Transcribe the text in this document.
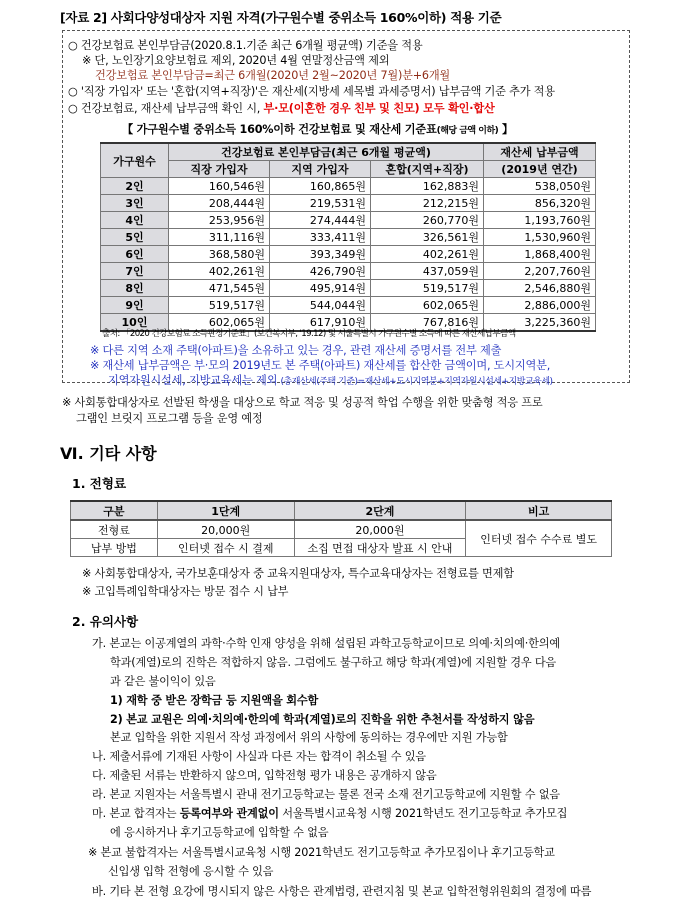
[자료 2] 사회다양성대상자 지원 자격(가구원수별 중위소득 160%이하) 적용 기준
○ 건강보험료 본인부담금(2020.8.1.기준 최근 6개월 평균액) 기준을 적용
※ 단, 노인장기요양보험료 제외, 2020년 4월 연말정산금액 제외
건강보험료 본인부담금=최근 6개월(2020년 2월~2020년 7월)분+6개월
○ '직장 가입자' 또는 '혼합(지역+직장)'은 재산세(지방세 세목별 과세증명서) 납부금액 기준 추가 적용
○ 건강보험료, 재산세 납부금액 확인 시, 부·모(이혼한 경우 친부 및 친모) 모두 확인·합산
【 가구원수별 중위소득 160%이하 건강보험료 및 재산세 기준표(해당 금액 이하) 】
가구원수	건강보험료 본인부담금(최근 6개월 평균액)			재산세 납부금액
	직장 가입자	지역 가입자	혼합(지역+직장)	(2019년 연간)
2인	160,546원	160,865원	162,883원	538,050원
3인	208,444원	219,531원	212,215원	856,320원
4인	253,956원	274,444원	260,770원	1,193,760원
5인	311,116원	333,411원	326,561원	1,530,960원
6인	368,580원	393,349원	402,261원	1,868,400원
7인	402,261원	426,790원	437,059원	2,207,760원
8인	471,545원	495,914원	519,517원	2,546,880원
9인	519,517원	544,044원	602,065원	2,886,000원
10인	602,065원	617,910원	767,816원	3,225,360원
출처: 「2020 건강보험료 소득판정기준표」(보건복지부, '19.12) 및 서울특별시 가구원수별 소득에 따른 재산세납부금액
※ 다른 지역 소재 주택(아파트)을 소유하고 있는 경우, 관련 재산세 증명서를 전부 제출
※ 재산세 납부금액은 부·모의 2019년도 본 주택(아파트) 재산세를 합산한 금액이며, 도시지역분,
지역자원시설세, 지방교육세는 제외 (총재산세(주택 기준)=재산세+도시지역분+지역자원시설세+지방교육세)
※ 사회통합대상자로 선발된 학생을 대상으로 학교 적응 및 성공적 학업 수행을 위한 맞춤형 적응 프로
그램인 브릿지 프로그램 등을 운영 예정
Ⅵ. 기타 사항
1. 전형료
구분	1단계	2단계	비고
전형료	20,000원	20,000원	인터넷 접수 수수료 별도
납부 방법	인터넷 접수 시 결제	소집 면접 대상자 발표 시 안내	
※ 사회통합대상자, 국가보훈대상자 중 교육지원대상자, 특수교육대상자는 전형료를 면제함
※ 고입특례입학대상자는 방문 접수 시 납부
2. 유의사항
가. 본교는 이공계열의 과학·수학 인재 양성을 위해 설립된 과학고등학교이므로 의예·치의예·한의예
학과(계열)로의 진학은 적합하지 않음. 그럼에도 불구하고 해당 학과(계열)에 지원할 경우 다음
과 같은 불이익이 있음
1) 재학 중 받은 장학금 등 지원액을 회수함
2) 본교 교원은 의예·치의예·한의예 학과(계열)로의 진학을 위한 추천서를 작성하지 않음
본교 입학을 위한 지원서 작성 과정에서 위의 사항에 동의하는 경우에만 지원 가능함
나. 제출서류에 기재된 사항이 사실과 다른 자는 합격이 취소될 수 있음
다. 제출된 서류는 반환하지 않으며, 입학전형 평가 내용은 공개하지 않음
라. 본교 지원자는 서울특별시 관내 전기고등학교는 물론 전국 소재 전기고등학교에 지원할 수 없음
마. 본교 합격자는 등록여부와 관계없이 서울특별시교육청 시행 2021학년도 전기고등학교 추가모집
에 응시하거나 후기고등학교에 입학할 수 없음
※ 본교 불합격자는 서울특별시교육청 시행 2021학년도 전기고등학교 추가모집이나 후기고등학교
신입생 입학 전형에 응시할 수 있음
바. 기타 본 전형 요강에 명시되지 않은 사항은 관계법령, 관련지침 및 본교 입학전형위원회의 결정에 따름
